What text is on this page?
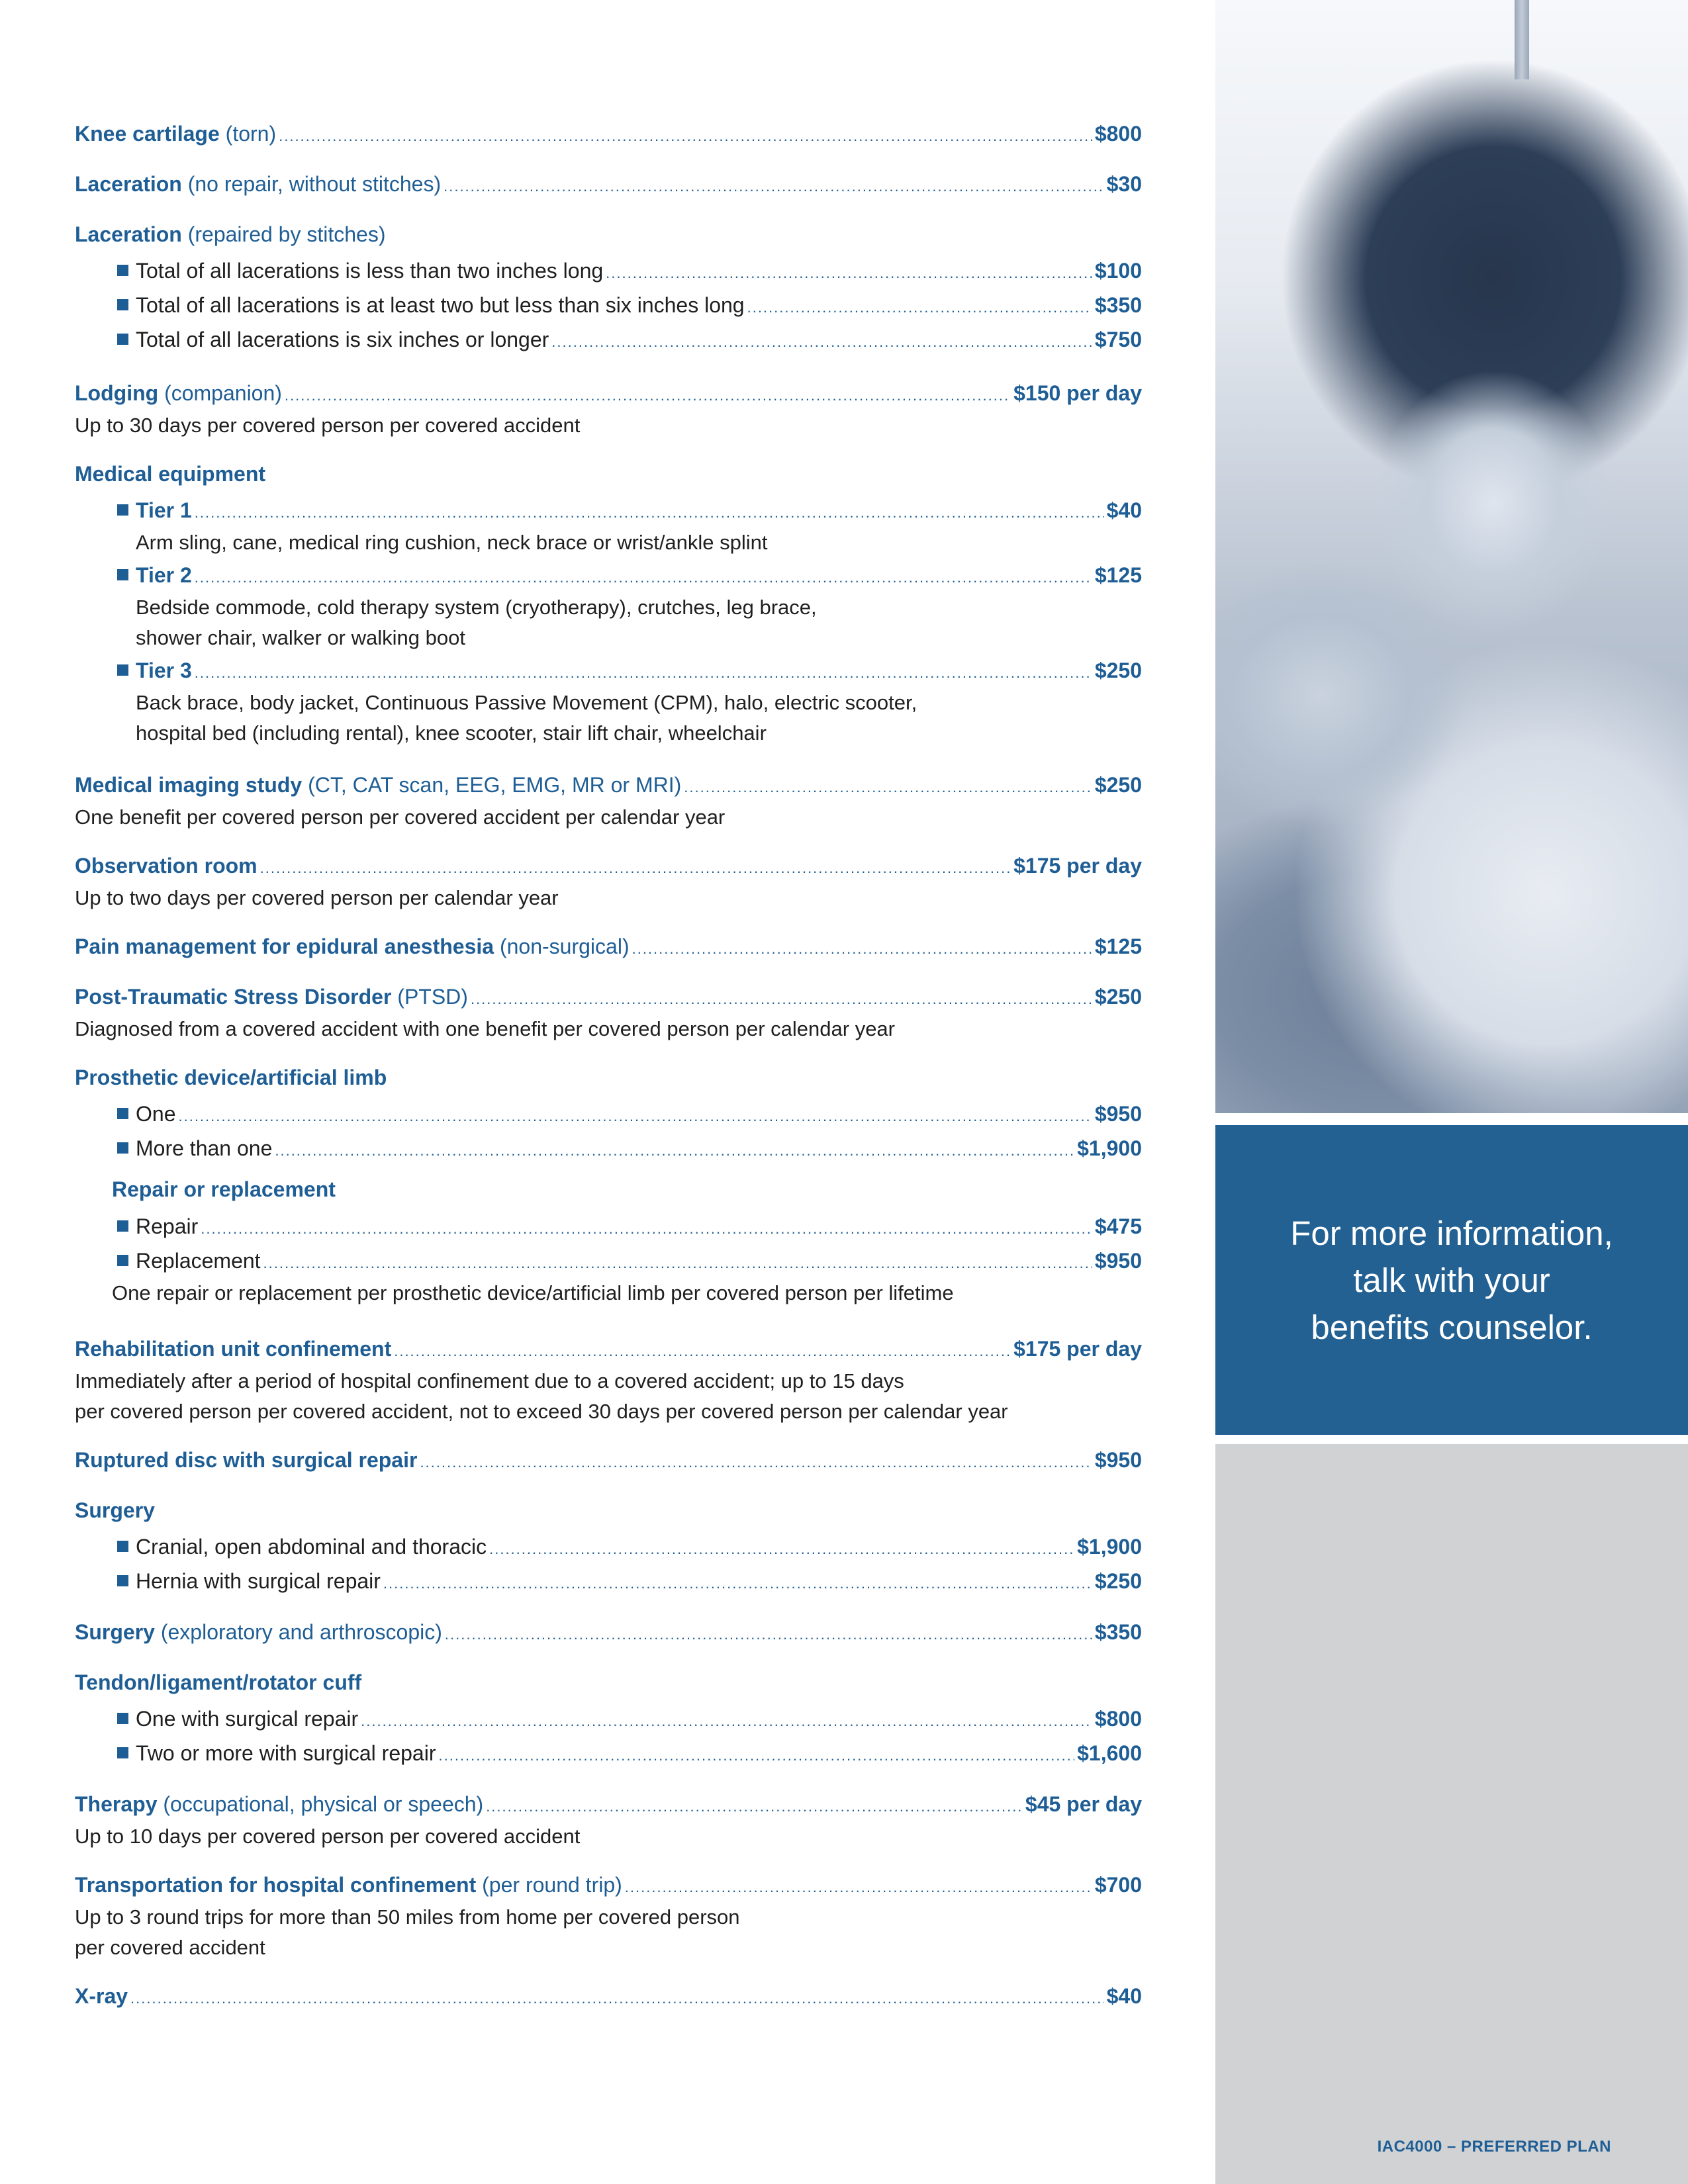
Knee cartilage (torn) .....	$800
Laceration (no repair, without stitches) .....	$30
Laceration (repaired by stitches)
Total of all lacerations is less than two inches long .....	$100
Total of all lacerations is at least two but less than six inches long .....	$350
Total of all lacerations is six inches or longer .....	$750
Lodging (companion) .....	$150 per day
Up to 30 days per covered person per covered accident
Medical equipment
Tier 1 .....	$40
Arm sling, cane, medical ring cushion, neck brace or wrist/ankle splint
Tier 2 .....	$125
Bedside commode, cold therapy system (cryotherapy), crutches, leg brace,
shower chair, walker or walking boot
Tier 3 .....	$250
Back brace, body jacket, Continuous Passive Movement (CPM), halo, electric scooter,
hospital bed (including rental), knee scooter, stair lift chair, wheelchair
Medical imaging study (CT, CAT scan, EEG, EMG, MR or MRI) .....	$250
One benefit per covered person per covered accident per calendar year
Observation room .....	$175 per day
Up to two days per covered person per calendar year
Pain management for epidural anesthesia (non-surgical) .....	$125
Post-Traumatic Stress Disorder (PTSD) .....	$250
Diagnosed from a covered accident with one benefit per covered person per calendar year
Prosthetic device/artificial limb
One .....	$950
More than one .....	$1,900
Repair or replacement
Repair .....	$475
Replacement .....	$950
One repair or replacement per prosthetic device/artificial limb per covered person per lifetime
Rehabilitation unit confinement .....	$175 per day
Immediately after a period of hospital confinement due to a covered accident; up to 15 days
per covered person per covered accident, not to exceed 30 days per covered person per calendar year
Ruptured disc with surgical repair .....	$950
Surgery
Cranial, open abdominal and thoracic .....	$1,900
Hernia with surgical repair .....	$250
Surgery (exploratory and arthroscopic) .....	$350
Tendon/ligament/rotator cuff
One with surgical repair .....	$800
Two or more with surgical repair .....	$1,600
Therapy (occupational, physical or speech) .....	$45 per day
Up to 10 days per covered person per covered accident
Transportation for hospital confinement (per round trip) .....	$700
Up to 3 round trips for more than 50 miles from home per covered person
per covered accident
X-ray .....	$40
For more information,
talk with your
benefits counselor.
IAC4000 – PREFERRED PLAN
